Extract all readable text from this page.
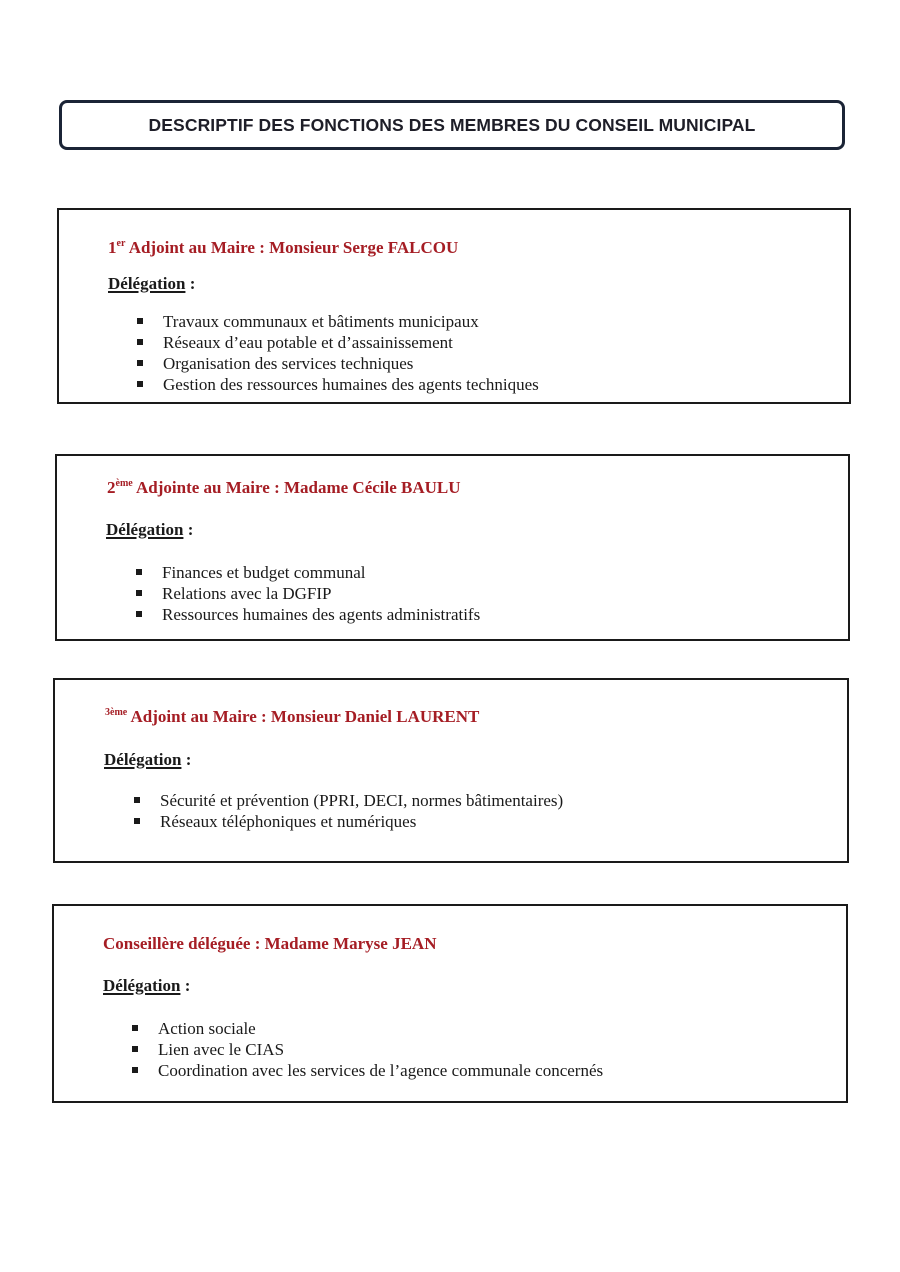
DESCRIPTIF DES FONCTIONS DES MEMBRES DU CONSEIL MUNICIPAL
1er Adjoint au Maire : Monsieur Serge FALCOU
Délégation :
Travaux communaux et bâtiments municipaux
Réseaux d’eau potable et d’assainissement
Organisation des services techniques
Gestion des ressources humaines des agents techniques
2ème Adjointe au Maire : Madame Cécile BAULU
Délégation :
Finances et budget communal
Relations avec la DGFIP
Ressources humaines des agents administratifs
$^{3ème}$ Adjoint au Maire : Monsieur Daniel LAURENT
Délégation :
Sécurité et prévention (PPRI, DECI, normes bâtimentaires)
Réseaux téléphoniques et numériques
Conseillère déléguée : Madame Maryse JEAN
Délégation :
Action sociale
Lien avec le CIAS
Coordination avec les services de l’agence communale concernés
